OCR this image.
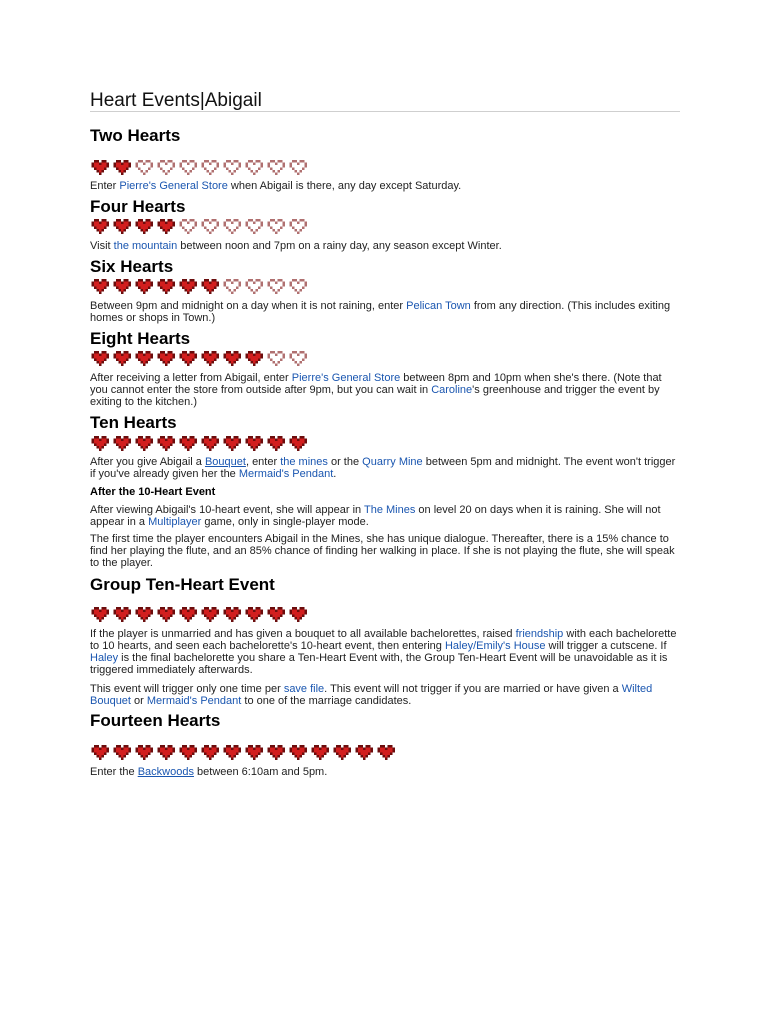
Heart Events|Abigail
Two Hearts
Enter Pierre's General Store when Abigail is there, any day except Saturday.
Four Hearts
Visit the mountain between noon and 7pm on a rainy day, any season except Winter.
Six Hearts
Between 9pm and midnight on a day when it is not raining, enter Pelican Town from any direction. (This includes exiting homes or shops in Town.)
Eight Hearts
After receiving a letter from Abigail, enter Pierre's General Store between 8pm and 10pm when she's there. (Note that you cannot enter the store from outside after 9pm, but you can wait in Caroline's greenhouse and trigger the event by exiting to the kitchen.)
Ten Hearts
After you give Abigail a Bouquet, enter the mines or the Quarry Mine between 5pm and midnight. The event won't trigger if you've already given her the Mermaid's Pendant.
After the 10-Heart Event
After viewing Abigail's 10-heart event, she will appear in The Mines on level 20 on days when it is raining. She will not appear in a Multiplayer game, only in single-player mode.
The first time the player encounters Abigail in the Mines, she has unique dialogue. Thereafter, there is a 15% chance to find her playing the flute, and an 85% chance of finding her walking in place. If she is not playing the flute, she will speak to the player.
Group Ten-Heart Event
If the player is unmarried and has given a bouquet to all available bachelorettes, raised friendship with each bachelorette to 10 hearts, and seen each bachelorette's 10-heart event, then entering Haley/Emily's House will trigger a cutscene. If Haley is the final bachelorette you share a Ten-Heart Event with, the Group Ten-Heart Event will be unavoidable as it is triggered immediately afterwards.
This event will trigger only one time per save file. This event will not trigger if you are married or have given a Wilted Bouquet or Mermaid's Pendant to one of the marriage candidates.
Fourteen Hearts
Enter the Backwoods between 6:10am and 5pm.
